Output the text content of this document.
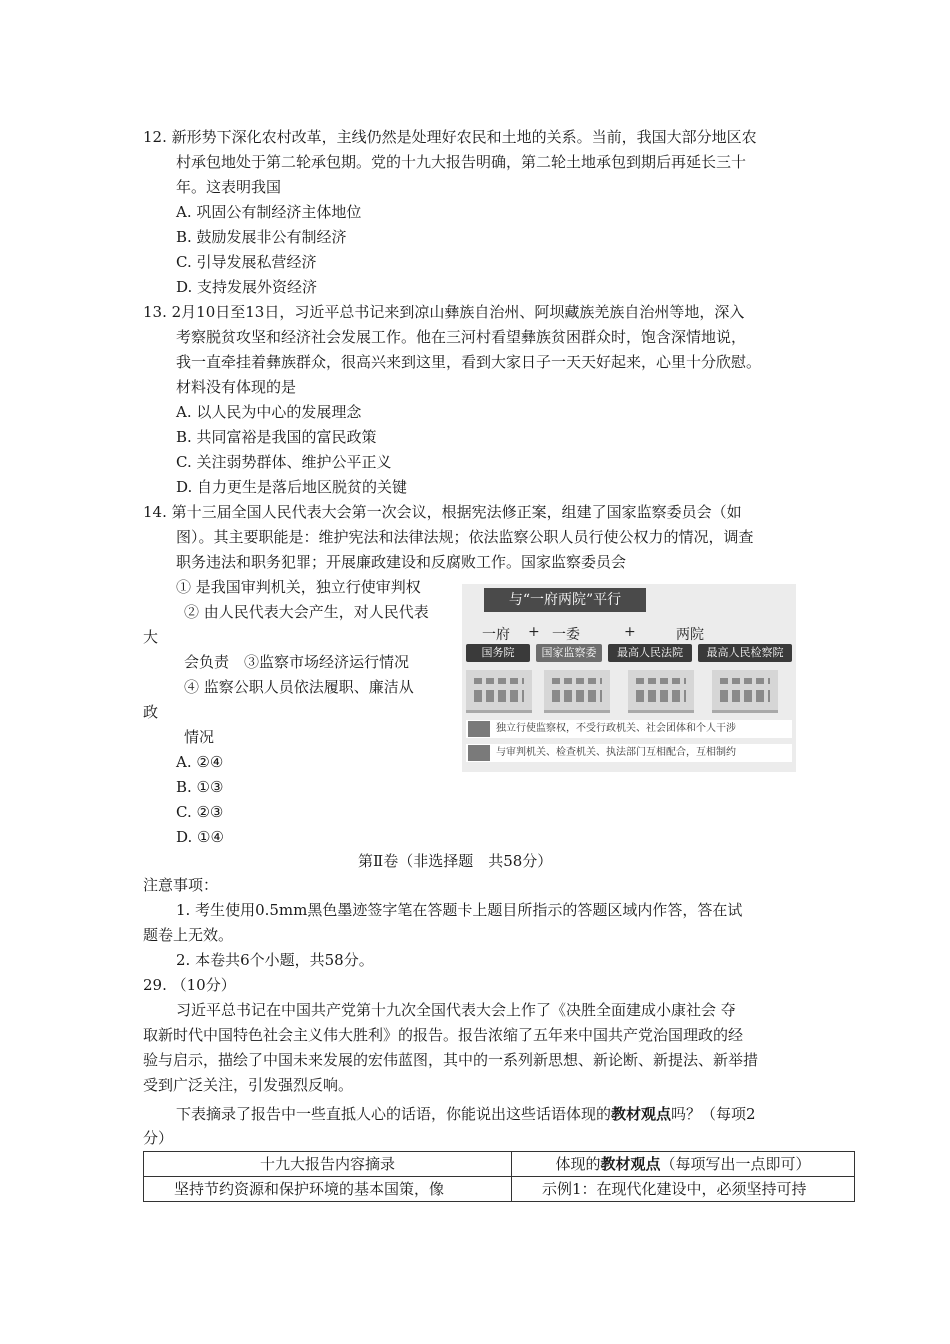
12. 新形势下深化农村改革，主线仍然是处理好农民和土地的关系。当前，我国大部分地区农
村承包地处于第二轮承包期。党的十九大报告明确，第二轮土地承包到期后再延长三十
年。这表明我国
A. 巩固公有制经济主体地位
B. 鼓励发展非公有制经济
C. 引导发展私营经济
D. 支持发展外资经济
13. 2月10日至13日，习近平总书记来到凉山彝族自治州、阿坝藏族羌族自治州等地，深入
考察脱贫攻坚和经济社会发展工作。他在三河村看望彝族贫困群众时，饱含深情地说，
我一直牵挂着彝族群众，很高兴来到这里，看到大家日子一天天好起来，心里十分欣慰。
材料没有体现的是
A. 以人民为中心的发展理念
B. 共同富裕是我国的富民政策
C. 关注弱势群体、维护公平正义
D. 自力更生是落后地区脱贫的关键
14. 第十三届全国人民代表大会第一次会议，根据宪法修正案，组建了国家监察委员会（如
图）。其主要职能是：维护宪法和法律法规；依法监察公职人员行使公权力的情况，调查
职务违法和职务犯罪；开展廉政建设和反腐败工作。国家监察委员会
① 是我国审判机关，独立行使审判权
② 由人民代表大会产生，对人民代表
大
会负责　③监察市场经济运行情况
④ 监察公职人员依法履职、廉洁从
政
情况
A. ②④
B. ①③
C. ②③
D. ①④
与“一府两院”平行
一府 + 一委	+	两院
国务院	国家监察委	最高人民法院	最高人民检察院
独立行使监察权，不受行政机关、社会团体和个人干涉
与审判机关、检查机关、执法部门互相配合，互相制约
第Ⅱ卷（非选择题　共58分）
注意事项：
1. 考生使用0.5mm黑色墨迹签字笔在答题卡上题目所指示的答题区域内作答，答在试
题卷上无效。
2. 本卷共6个小题，共58分。
29. （10分）
习近平总书记在中国共产党第十九次全国代表大会上作了《决胜全面建成小康社会 夺
取新时代中国特色社会主义伟大胜利》的报告。报告浓缩了五年来中国共产党治国理政的经
验与启示，描绘了中国未来发展的宏伟蓝图，其中的一系列新思想、新论断、新提法、新举措
受到广泛关注，引发强烈反响。
下表摘录了报告中一些直抵人心的话语，你能说出这些话语体现的教材观点吗？（每项2
分）
十九大报告内容摘录	体现的教材观点（每项写出一点即可）
坚持节约资源和保护环境的基本国策，像	示例1：在现代化建设中，必须坚持可持
